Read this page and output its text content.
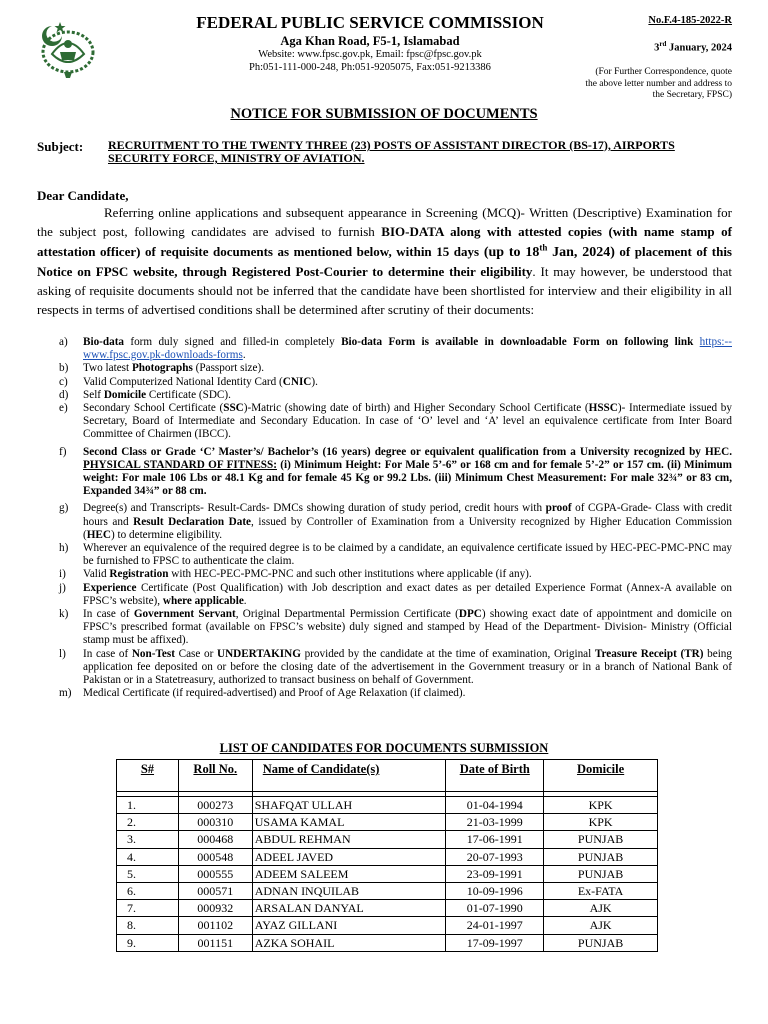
FEDERAL PUBLIC SERVICE COMMISSION
Aga Khan Road, F5-1, Islamabad
Website: www.fpsc.gov.pk, Email: fpsc@fpsc.gov.pk
Ph:051-111-000-248, Ph:051-9205075, Fax:051-9213386
No.F.4-185-2022-R
3rd January, 2024
(For Further Correspondence, quote the above letter number and address to the Secretary, FPSC)
NOTICE FOR SUBMISSION OF DOCUMENTS
Subject: RECRUITMENT TO THE TWENTY THREE (23) POSTS OF ASSISTANT DIRECTOR (BS-17), AIRPORTS SECURITY FORCE, MINISTRY OF AVIATION.
Dear Candidate,
Referring online applications and subsequent appearance in Screening (MCQ)- Written (Descriptive) Examination for the subject post, following candidates are advised to furnish BIO-DATA along with attested copies (with name stamp of attestation officer) of requisite documents as mentioned below, within 15 days (up to 18th Jan, 2024) of placement of this Notice on FPSC website, through Registered Post-Courier to determine their eligibility. It may however, be understood that asking of requisite documents should not be inferred that the candidate have been shortlisted for interview and their eligibility in all respects in terms of advertised conditions shall be determined after scrutiny of their documents:
a) Bio-data form duly signed and filled-in completely Bio-data Form is available in downloadable Form on following link https:--www.fpsc.gov.pk-downloads-forms.
b) Two latest Photographs (Passport size).
c) Valid Computerized National Identity Card (CNIC).
d) Self Domicile Certificate (SDC).
e) Secondary School Certificate (SSC)-Matric (showing date of birth) and Higher Secondary School Certificate (HSSC)- Intermediate issued by Secretary, Board of Intermediate and Secondary Education. In case of ‘O’ level and ‘A’ level an equivalence certificate from Inter Board Committee of Chairmen (IBCC).
f) Second Class or Grade ‘C’ Master’s/ Bachelor’s (16 years) degree or equivalent qualification from a University recognized by HEC. PHYSICAL STANDARD OF FITNESS: (i) Minimum Height: For Male 5’-6” or 168 cm and for female 5’-2” or 157 cm. (ii) Minimum weight: For male 106 Lbs or 48.1 Kg and for female 45 Kg or 99.2 Lbs. (iii) Minimum Chest Measurement: For male 32¾” or 83 cm, Expanded 34¾” or 88 cm.
g) Degree(s) and Transcripts- Result-Cards- DMCs showing duration of study period, credit hours with proof of CGPA-Grade- Class with credit hours and Result Declaration Date, issued by Controller of Examination from a University recognized by Higher Education Commission (HEC) to determine eligibility.
h) Wherever an equivalence of the required degree is to be claimed by a candidate, an equivalence certificate issued by HEC-PEC-PMC-PNC may be furnished to FPSC to authenticate the claim.
i) Valid Registration with HEC-PEC-PMC-PNC and such other institutions where applicable (if any).
j) Experience Certificate (Post Qualification) with Job description and exact dates as per detailed Experience Format (Annex-A available on FPSC’s website), where applicable.
k) In case of Government Servant, Original Departmental Permission Certificate (DPC) showing exact date of appointment and domicile on FPSC’s prescribed format (available on FPSC’s website) duly signed and stamped by Head of the Department- Division- Ministry (Official stamp must be affixed).
l) In case of Non-Test Case or UNDERTAKING provided by the candidate at the time of examination, Original Treasure Receipt (TR) being application fee deposited on or before the closing date of the advertisement in the Government treasury or in a branch of National Bank of Pakistan or in a Statetreasury, authorized to transact business on behalf of Government.
m) Medical Certificate (if required-advertised) and Proof of Age Relaxation (if claimed).
LIST OF CANDIDATES FOR DOCUMENTS SUBMISSION
S#	Roll No.	Name of Candidate(s)	Date of Birth	Domicile

1.	000273	SHAFQAT ULLAH	01-04-1994	KPK
2.	000310	USAMA KAMAL	21-03-1999	KPK
3.	000468	ABDUL REHMAN	17-06-1991	PUNJAB
4.	000548	ADEEL JAVED	20-07-1993	PUNJAB
5.	000555	ADEEM SALEEM	23-09-1991	PUNJAB
6.	000571	ADNAN INQUILAB	10-09-1996	Ex-FATA
7.	000932	ARSALAN DANYAL	01-07-1990	AJK
8.	001102	AYAZ GILLANI	24-01-1997	AJK
9.	001151	AZKA SOHAIL	17-09-1997	PUNJAB
